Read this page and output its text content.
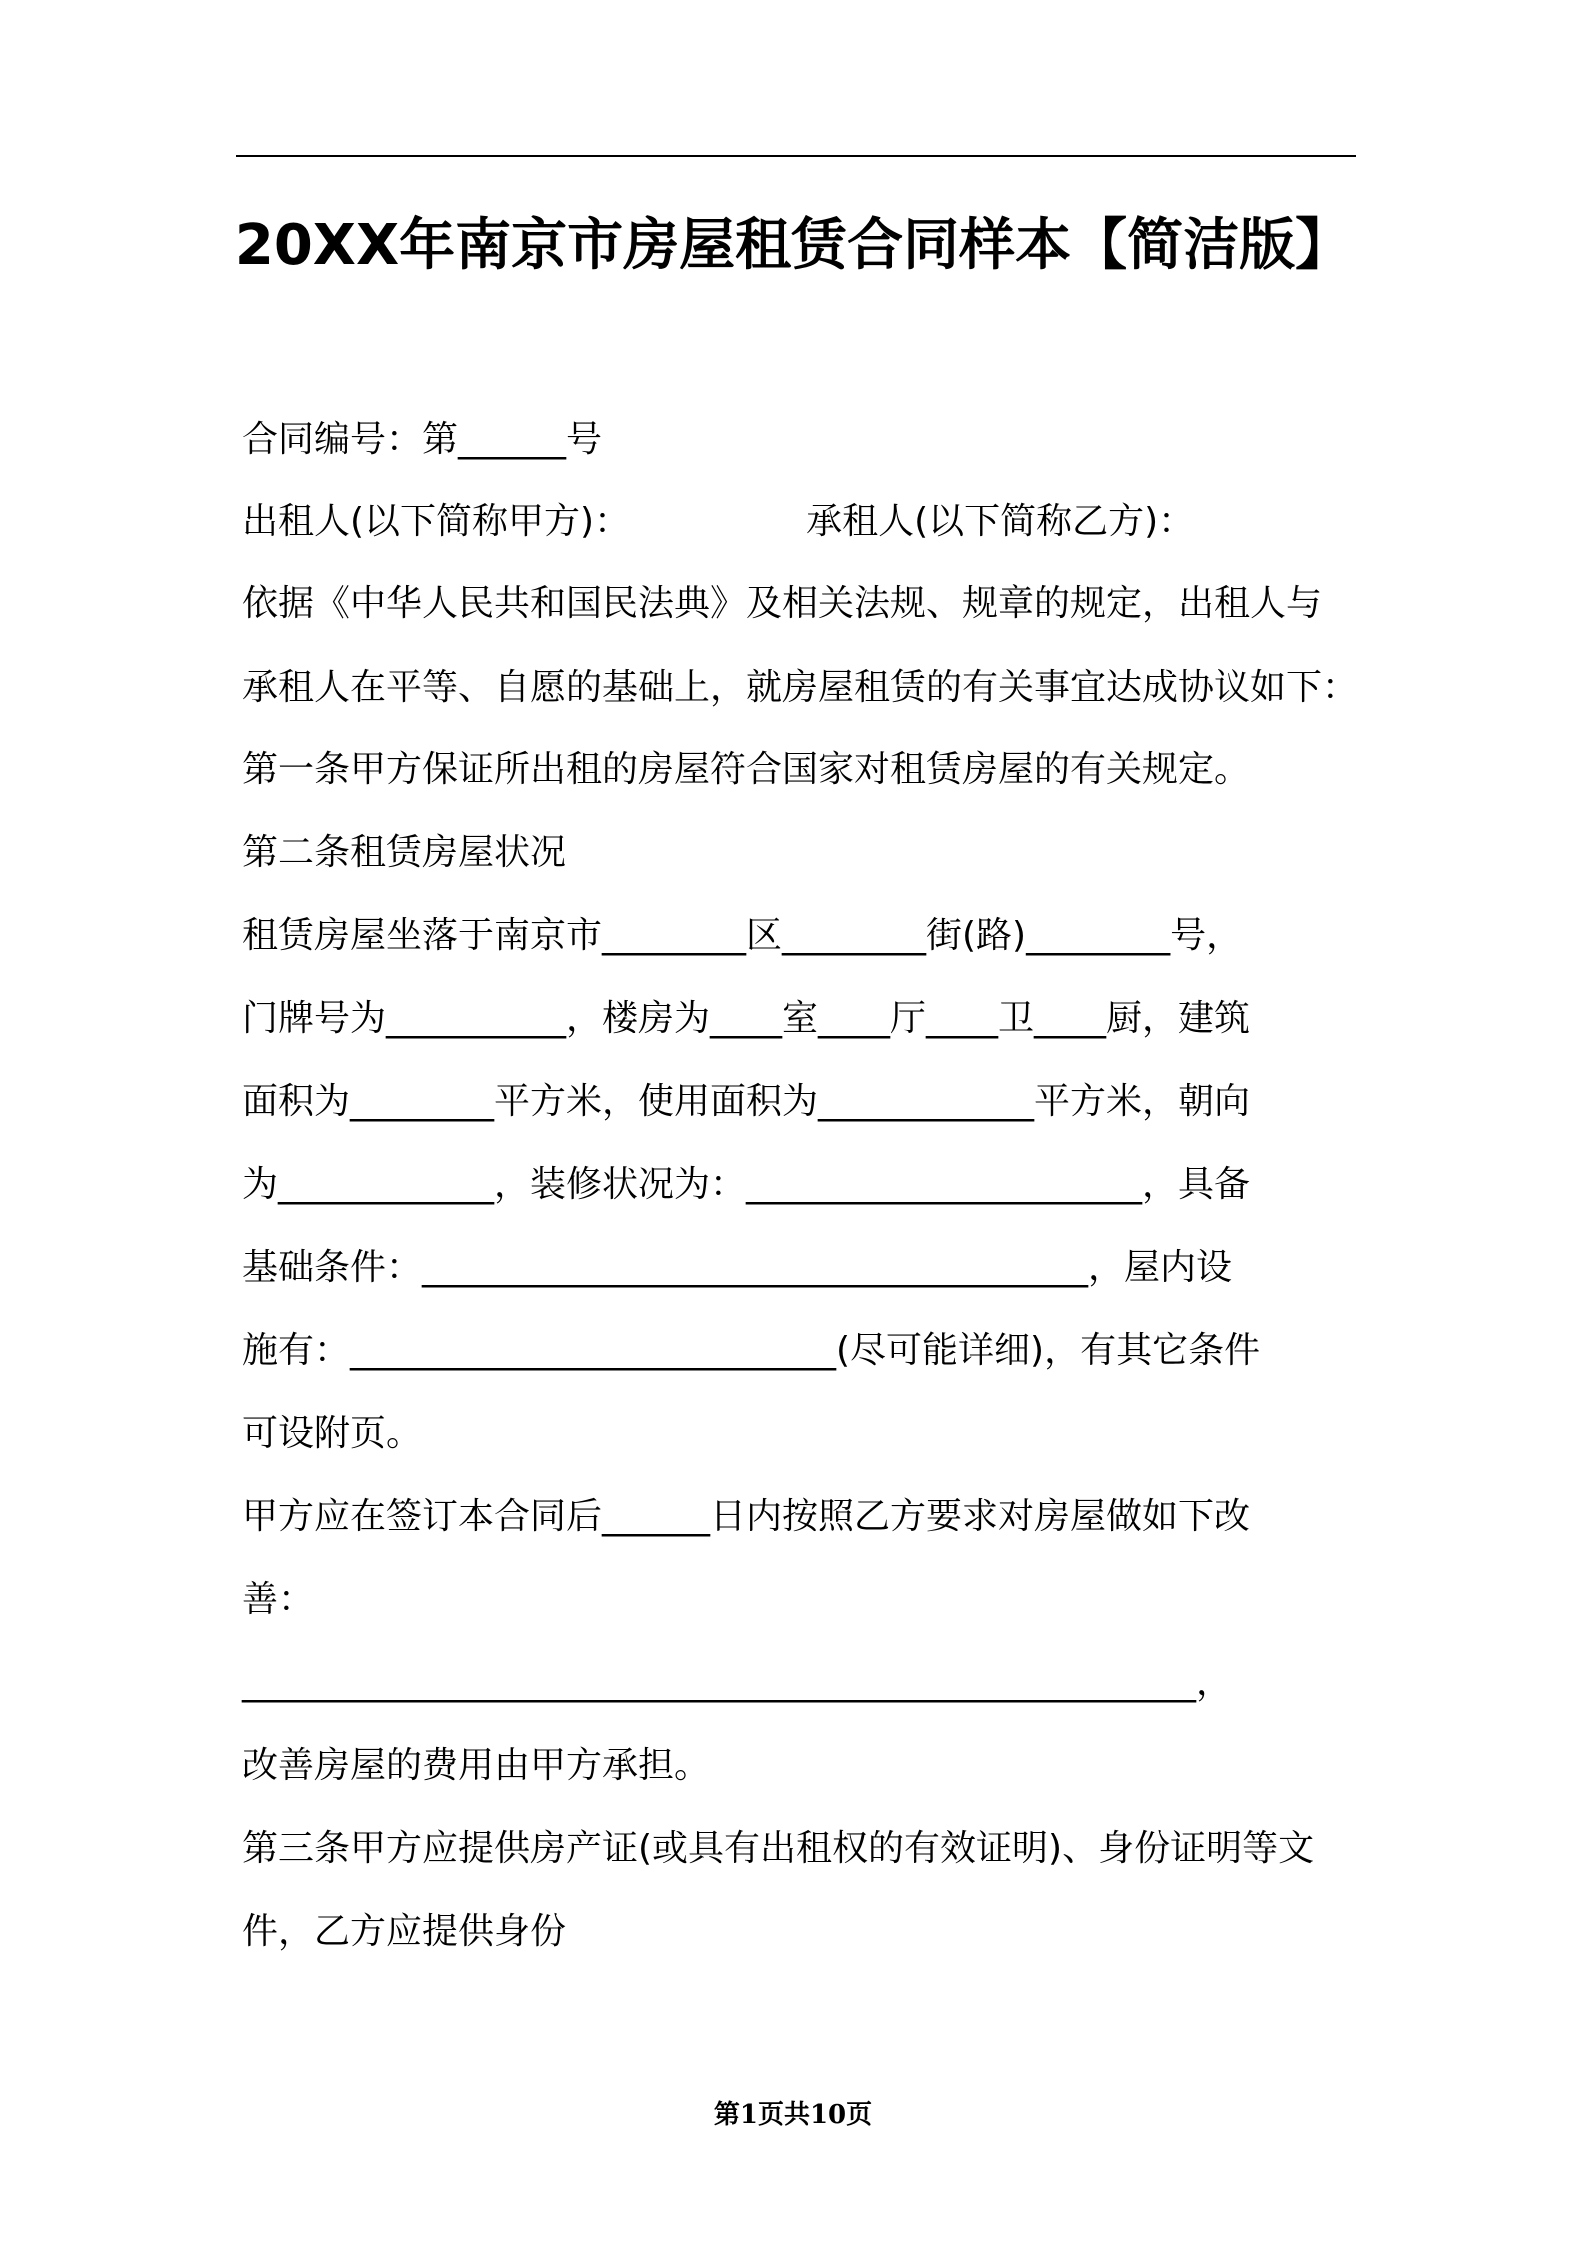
20XX年南京市房屋租赁合同样本【简洁版】
合同编号：第______号
出租人(以下简称甲方)：	承租人(以下简称乙方)：
依据《中华人民共和国民法典》及相关法规、规章的规定，出租人与
承租人在平等、自愿的基础上，就房屋租赁的有关事宜达成协议如下：
第一条甲方保证所出租的房屋符合国家对租赁房屋的有关规定。
第二条租赁房屋状况
租赁房屋坐落于南京市________区________街(路)________号，
门牌号为__________，楼房为____室____厅____卫____厨，建筑
面积为________平方米，使用面积为____________平方米，朝向
为____________，装修状况为：______________________，具备
基础条件：_____________________________________，屋内设
施有：___________________________(尽可能详细)，有其它条件
可设附页。
甲方应在签订本合同后______日内按照乙方要求对房屋做如下改
善：
_____________________________________________________，
改善房屋的费用由甲方承担。
第三条甲方应提供房产证(或具有出租权的有效证明)、身份证明等文
件，乙方应提供身份
第1页共10页
